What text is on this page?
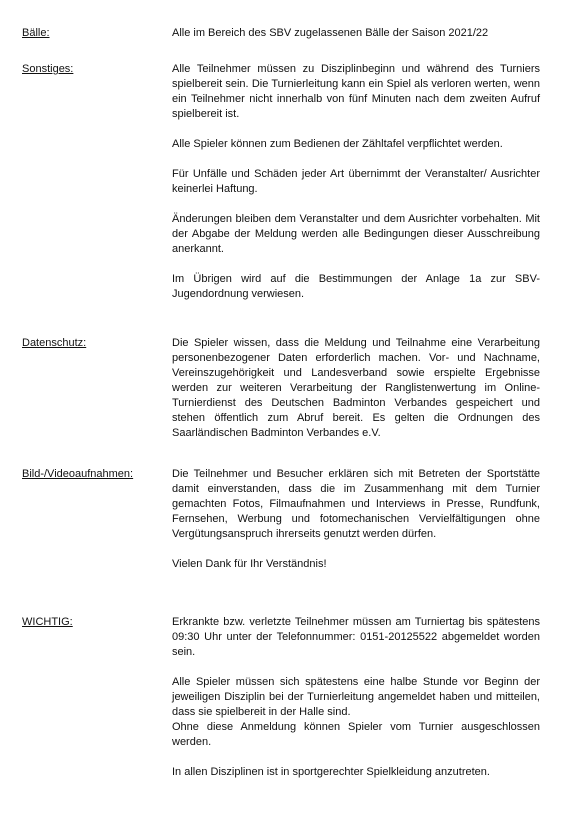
Bälle:	Alle im Bereich des SBV zugelassenen Bälle der Saison 2021/22

Sonstiges:	Alle Teilnehmer müssen zu Disziplinbeginn und während des Turniers spielbereit sein. Die Turnierleitung kann ein Spiel als verloren werten, wenn ein Teilnehmer nicht innerhalb von fünf Minuten nach dem zweiten Aufruf spielbereit ist.

Alle Spieler können zum Bedienen der Zähltafel verpflichtet werden.

Für Unfälle und Schäden jeder Art übernimmt der Veranstalter/ Ausrichter keinerlei Haftung.

Änderungen bleiben dem Veranstalter und dem Ausrichter vorbehalten. Mit der Abgabe der Meldung werden alle Bedingungen dieser Ausschreibung anerkannt.

Im Übrigen wird auf die Bestimmungen der Anlage 1a zur SBV-Jugendordnung verwiesen.

Datenschutz:	Die Spieler wissen, dass die Meldung und Teilnahme eine Verarbeitung personenbezogener Daten erforderlich machen. Vor- und Nachname, Vereinszugehörigkeit und Landesverband sowie erspielte Ergebnisse werden zur weiteren Verarbeitung der Ranglistenwertung im Online-Turnierdienst des Deutschen Badminton Verbandes gespeichert und stehen öffentlich zum Abruf bereit. Es gelten die Ordnungen des Saarländischen Badminton Verbandes e.V.

Bild-/Videoaufnahmen:	Die Teilnehmer und Besucher erklären sich mit Betreten der Sportstätte damit einverstanden, dass die im Zusammenhang mit dem Turnier gemachten Fotos, Filmaufnahmen und Interviews in Presse, Rundfunk, Fernsehen, Werbung und fotomechanischen Vervielfältigungen ohne Vergütungsanspruch ihrerseits genutzt werden dürfen.

Vielen Dank für Ihr Verständnis!

WICHTIG:	Erkrankte bzw. verletzte Teilnehmer müssen am Turniertag bis spätestens 09:30 Uhr unter der Telefonnummer: 0151-20125522 abgemeldet worden sein.

Alle Spieler müssen sich spätestens eine halbe Stunde vor Beginn der jeweiligen Disziplin bei der Turnierleitung angemeldet haben und mitteilen, dass sie spielbereit in der Halle sind.

Ohne diese Anmeldung können Spieler vom Turnier ausgeschlossen werden.

In allen Disziplinen ist in sportgerechter Spielkleidung anzutreten.
